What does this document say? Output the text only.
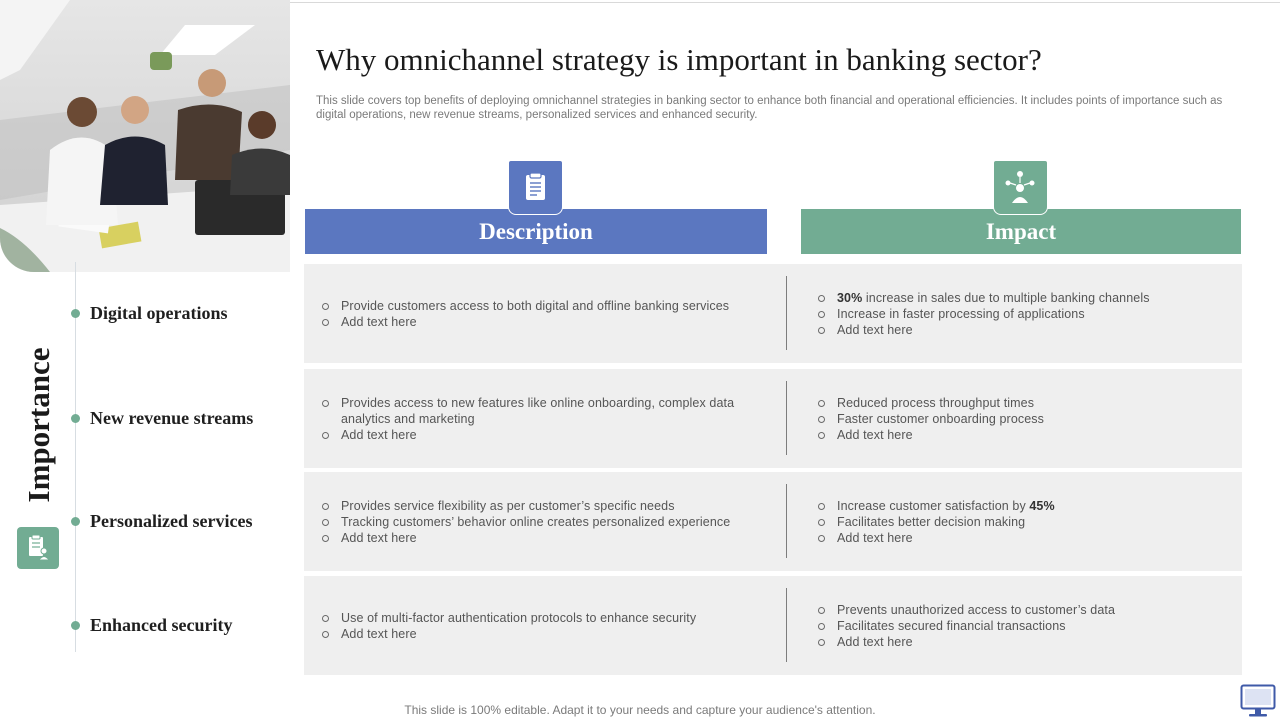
Why omnichannel strategy is important in banking sector?

This slide covers top benefits of deploying omnichannel strategies in banking sector to enhance both financial and operational efficiencies. It includes points of importance such as digital operations, new revenue streams, personalized services and enhanced security.

Importance
Digital operations
New revenue streams
Personalized services
Enhanced security
Description	Impact
Provide customers access to both digital and offline banking services
Add text here
30% increase in sales due to multiple banking channels
Increase in faster processing of applications
Add text here
Provides access to new features like online onboarding, complex data analytics and marketing
Add text here
Reduced process throughput times
Faster customer onboarding process
Add text here
Provides service flexibility as per customer’s specific needs
Tracking customers’ behavior online creates personalized experience
Add text here
Increase customer satisfaction by 45%
Facilitates better decision making
Add text here
Use of multi-factor authentication protocols to enhance security
Add text here
Prevents unauthorized access to customer’s data
Facilitates secured financial transactions
Add text here
This slide is 100% editable. Adapt it to your needs and capture your audience's attention.
